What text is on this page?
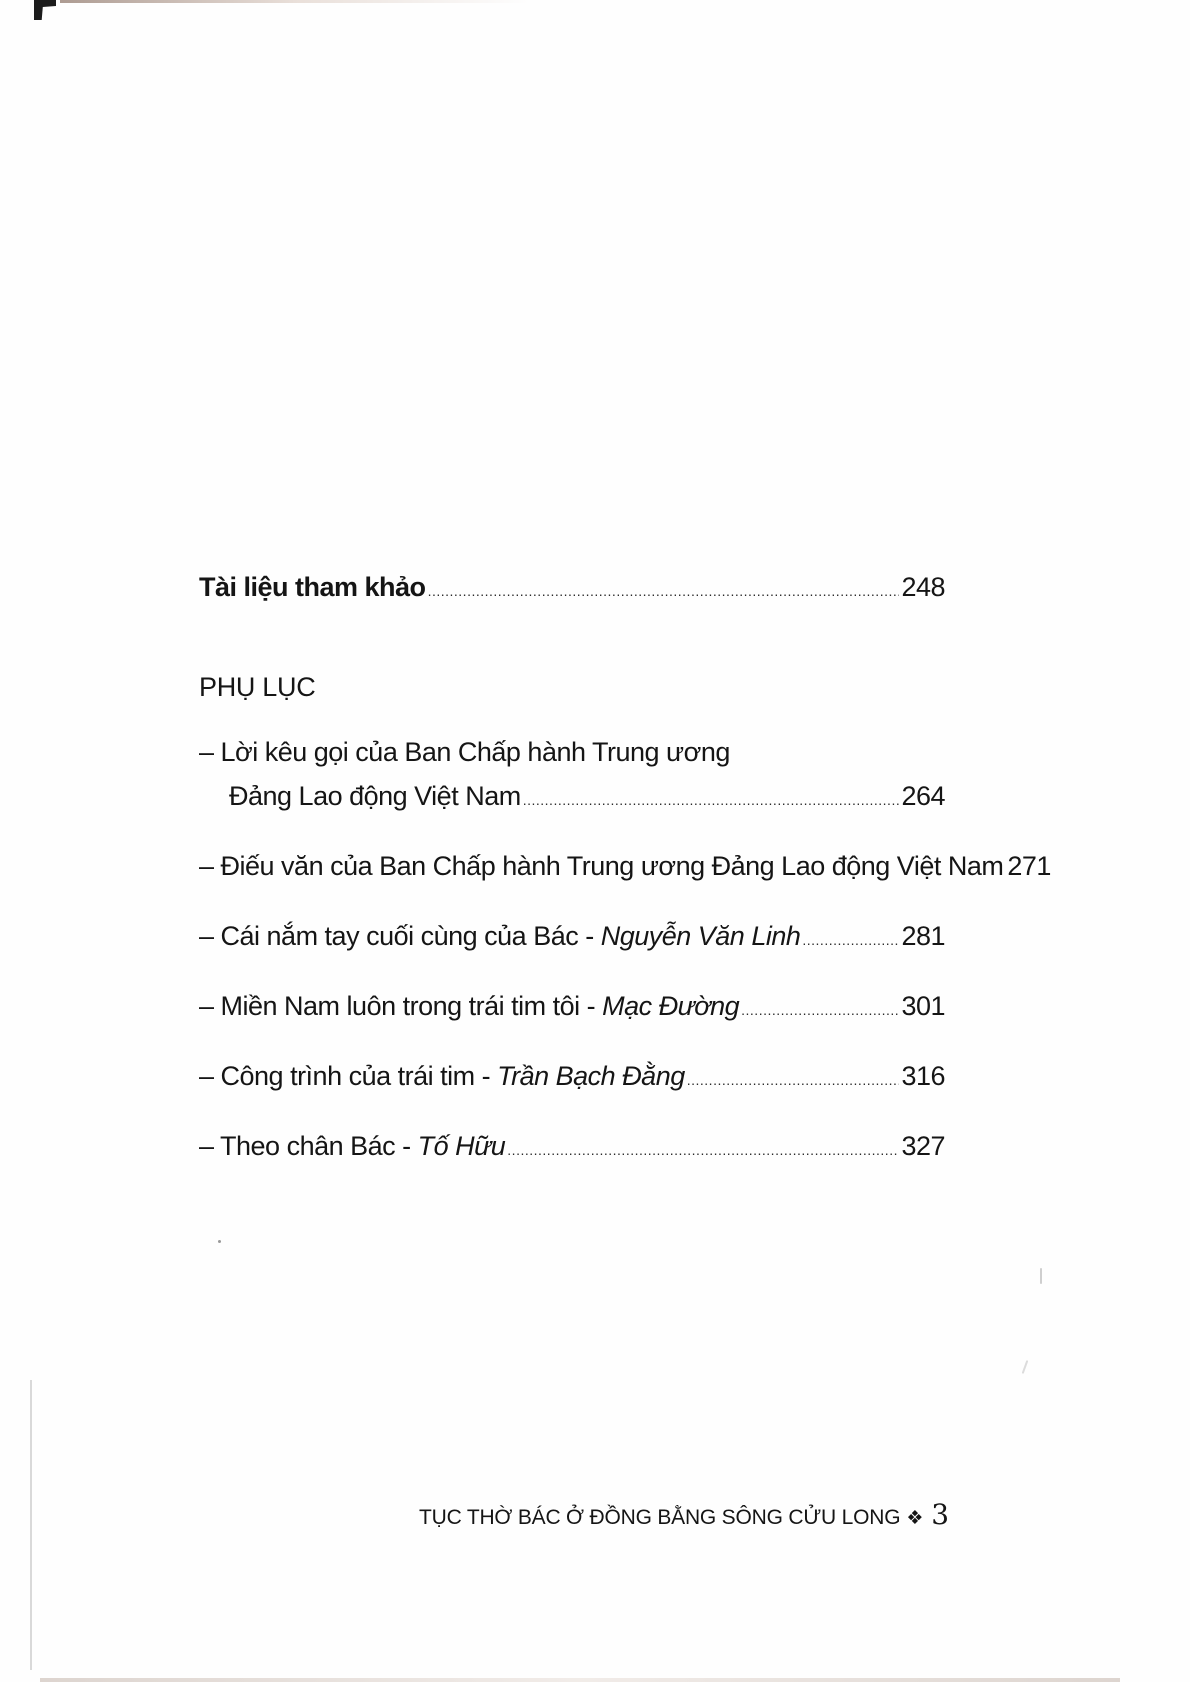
Tài liệu tham khảo .....	248
PHỤ LỤC
– Lời kêu gọi của Ban Chấp hành Trung ương
Đảng Lao động Việt Nam .....	264
– Điếu văn của Ban Chấp hành Trung ương Đảng Lao động Việt Nam 271
– Cái nắm tay cuối cùng của Bác - Nguyễn Văn Linh .....	281
– Miền Nam luôn trong trái tim tôi - Mạc Đường .....	301
– Công trình của trái tim - Trần Bạch Đằng .....	316
– Theo chân Bác - Tố Hữu .....	327
TỤC THỜ BÁC Ở ĐỒNG BẰNG SÔNG CỬU LONG ❖ 3
